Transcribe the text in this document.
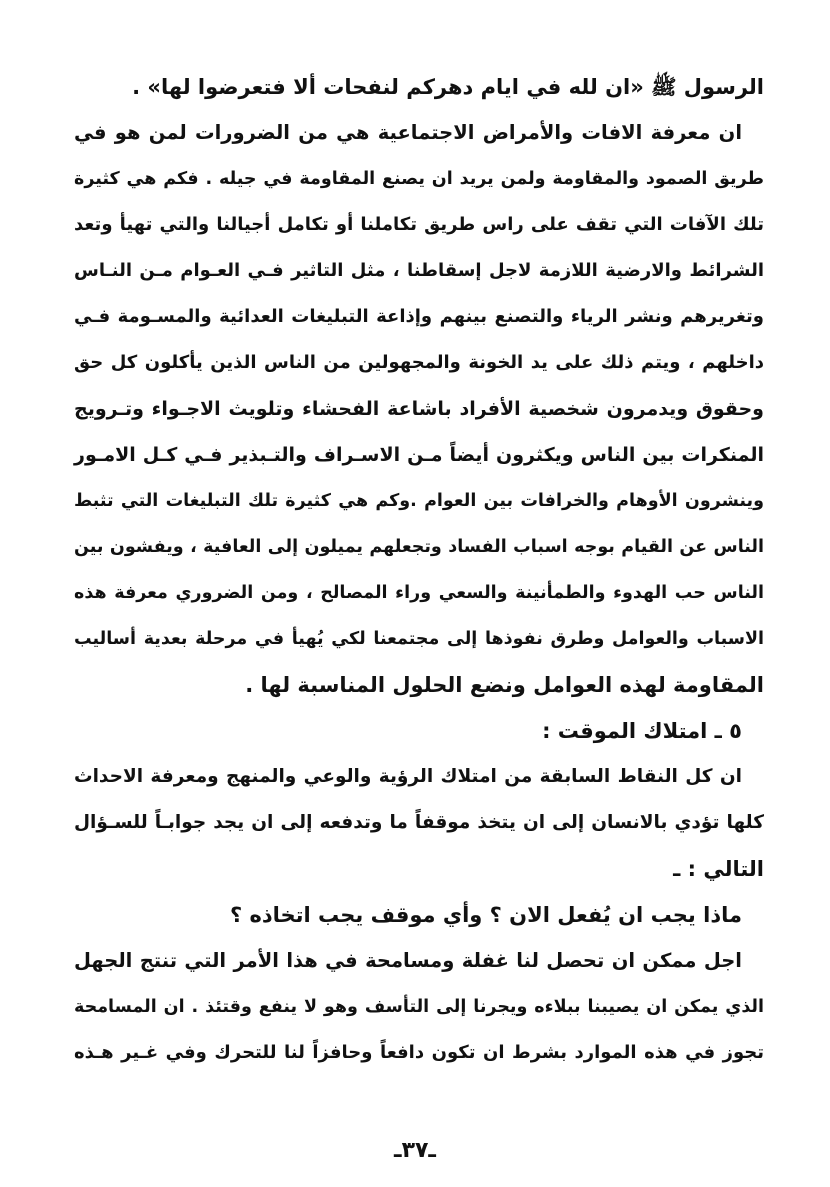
الرسول ﷺ «ان لله في ايام دهركم لنفحات ألا فتعرضوا لها» .
ان معرفة الافات والأمراض الاجتماعية هي من الضرورات لمن هو في
طريق الصمود والمقاومة ولمن يريد ان يصنع المقاومة في جيله . فكم هي كثيرة
تلك الآفات التي تقف على راس طريق تكاملنا أو تكامل أجيالنا والتي تهيأ وتعد
الشرائط والارضية اللازمة لاجل إسقاطنا ، مثل التاثير فـي العـوام مـن النـاس
وتغريرهم ونشر الرياء والتصنع بينهم وإذاعة التبليغات العدائية والمسـومة فـي
داخلهم ، ويتم ذلك على يد الخونة والمجهولين من الناس الذين يأكلون كل حق
وحقوق ويدمرون شخصية الأفراد باشاعة الفحشاء وتلويث الاجـواء وتـرويج
المنكرات بين الناس ويكثرون أيضاً مـن الاسـراف والتـبذير فـي كـل الامـور
وينشرون الأوهام والخرافات بين العوام .وكم هي كثيرة تلك التبليغات التي تثبط
الناس عن القيام بوجه اسباب الفساد وتجعلهم يميلون إلى العافية ، ويفشون بين
الناس حب الهدوء والطمأنينة والسعي وراء المصالح ، ومن الضروري معرفة هذه
الاسباب والعوامل وطرق نفوذها إلى مجتمعنا لكي يُهيأ في مرحلة بعدية أساليب
المقاومة لهذه العوامل ونضع الحلول المناسبة لها .
٥ ـ امتلاك الموقت :
ان كل النقاط السابقة من امتلاك الرؤية والوعي والمنهج ومعرفة الاحداث
كلها تؤدي بالانسان إلى ان يتخذ موقفاً ما وتدفعه إلى ان يجد جوابـاً للسـؤال
التالي : ـ
ماذا يجب ان يُفعل الان ؟ وأي موقف يجب اتخاذه ؟
اجل ممكن ان تحصل لنا غفلة ومسامحة في هذا الأمر التي تنتج الجهل
الذي يمكن ان يصيبنا ببلاءه ويجرنا إلى التأسف وهو لا ينفع وقتئذ . ان المسامحة
تجوز في هذه الموارد بشرط ان تكون دافعاً وحافزاً لنا للتحرك وفي غـير هـذه
ـ٣٧ـ
